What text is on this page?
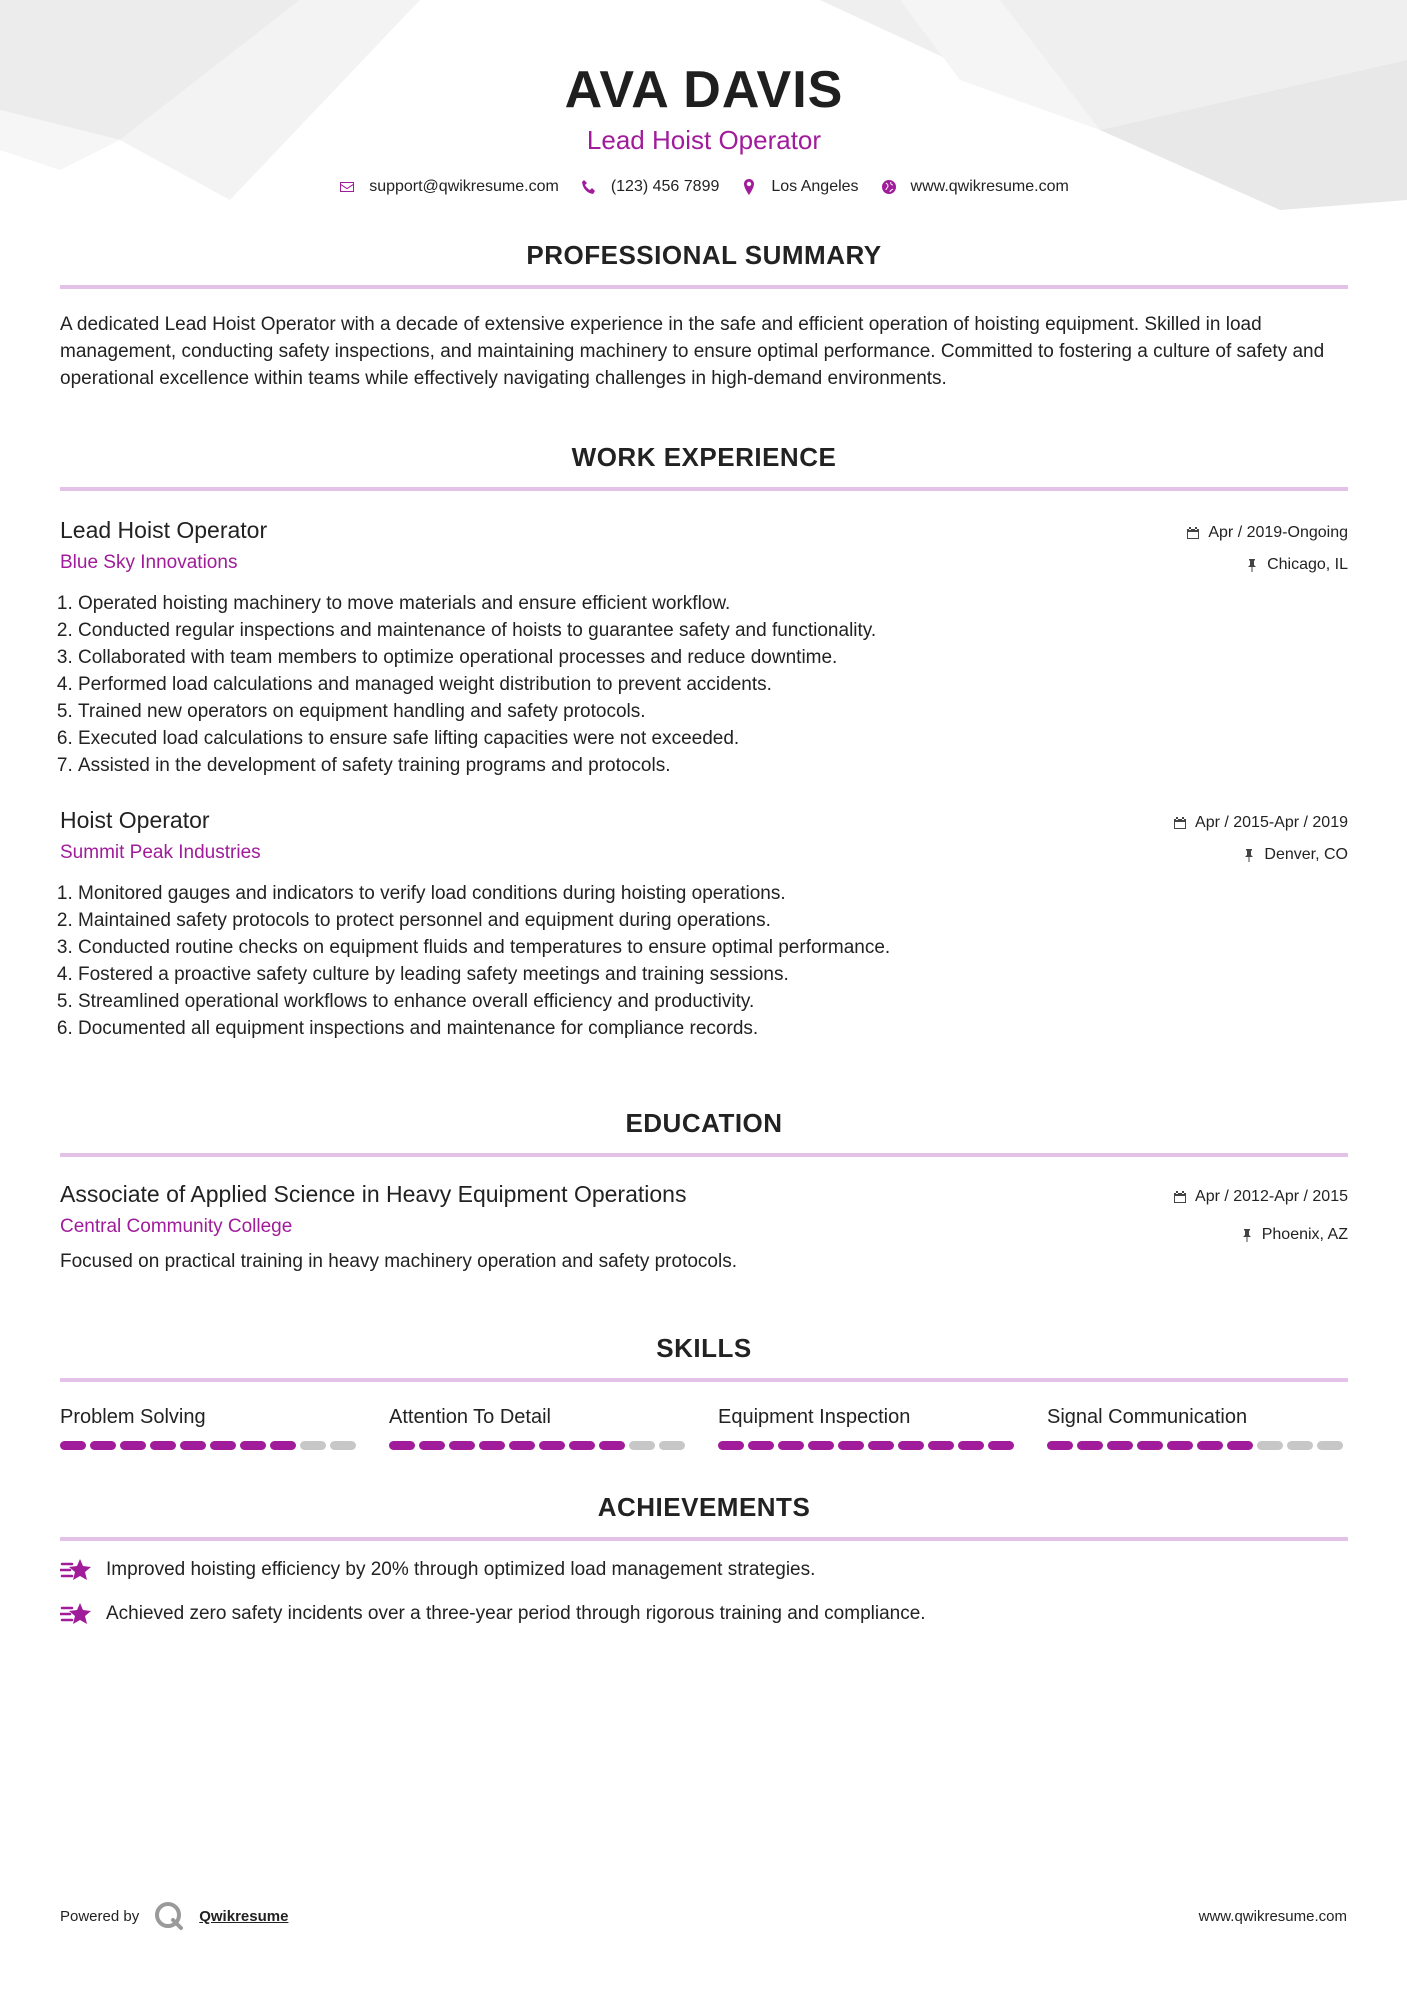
AVA DAVIS
Lead Hoist Operator
support@qwikresume.com	(123) 456 7899	Los Angeles	www.qwikresume.com
PROFESSIONAL SUMMARY
A dedicated Lead Hoist Operator with a decade of extensive experience in the safe and efficient operation of hoisting equipment. Skilled in load management, conducting safety inspections, and maintaining machinery to ensure optimal performance. Committed to fostering a culture of safety and operational excellence within teams while effectively navigating challenges in high-demand environments.
WORK EXPERIENCE
Lead Hoist Operator
Blue Sky Innovations
Apr / 2019-Ongoing
Chicago, IL
1. Operated hoisting machinery to move materials and ensure efficient workflow.
2. Conducted regular inspections and maintenance of hoists to guarantee safety and functionality.
3. Collaborated with team members to optimize operational processes and reduce downtime.
4. Performed load calculations and managed weight distribution to prevent accidents.
5. Trained new operators on equipment handling and safety protocols.
6. Executed load calculations to ensure safe lifting capacities were not exceeded.
7. Assisted in the development of safety training programs and protocols.
Hoist Operator
Summit Peak Industries
Apr / 2015-Apr / 2019
Denver, CO
1. Monitored gauges and indicators to verify load conditions during hoisting operations.
2. Maintained safety protocols to protect personnel and equipment during operations.
3. Conducted routine checks on equipment fluids and temperatures to ensure optimal performance.
4. Fostered a proactive safety culture by leading safety meetings and training sessions.
5. Streamlined operational workflows to enhance overall efficiency and productivity.
6. Documented all equipment inspections and maintenance for compliance records.
EDUCATION
Associate of Applied Science in Heavy Equipment Operations
Central Community College
Apr / 2012-Apr / 2015
Phoenix, AZ
Focused on practical training in heavy machinery operation and safety protocols.
SKILLS
Problem Solving	Attention To Detail	Equipment Inspection	Signal Communication
ACHIEVEMENTS
Improved hoisting efficiency by 20% through optimized load management strategies.
Achieved zero safety incidents over a three-year period through rigorous training and compliance.
Powered by	Qwikresume	www.qwikresume.com
